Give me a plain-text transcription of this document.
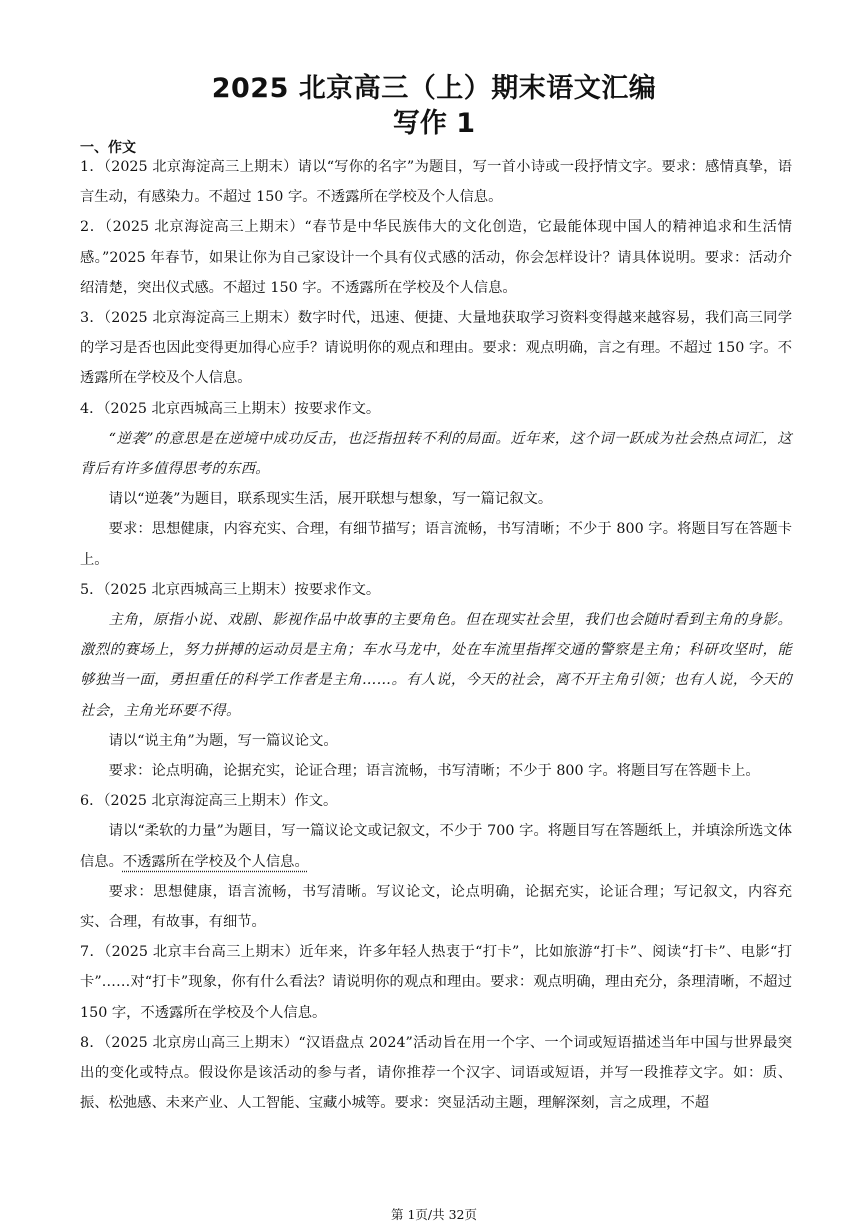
2025 北京高三（上）期末语文汇编
写作 1
一、作文

1．（2025 北京海淀高三上期末）请以“写你的名字”为题目，写一首小诗或一段抒情文字。要求：感情真挚，语言生动，有感染力。不超过 150 字。不透露所在学校及个人信息。

2．（2025 北京海淀高三上期末）“春节是中华民族伟大的文化创造，它最能体现中国人的精神追求和生活情感。”2025 年春节，如果让你为自己家设计一个具有仪式感的活动，你会怎样设计？请具体说明。要求：活动介绍清楚，突出仪式感。不超过 150 字。不透露所在学校及个人信息。

3．（2025 北京海淀高三上期末）数字时代，迅速、便捷、大量地获取学习资料变得越来越容易，我们高三同学的学习是否也因此变得更加得心应手？请说明你的观点和理由。要求：观点明确，言之有理。不超过 150 字。不透露所在学校及个人信息。

4．（2025 北京西城高三上期末）按要求作文。

“逆袭”的意思是在逆境中成功反击，也泛指扭转不利的局面。近年来，这个词一跃成为社会热点词汇，这背后有许多值得思考的东西。

请以“逆袭”为题目，联系现实生活，展开联想与想象，写一篇记叙文。

要求：思想健康，内容充实、合理，有细节描写；语言流畅，书写清晰；不少于 800 字。将题目写在答题卡上。

5．（2025 北京西城高三上期末）按要求作文。

主角，原指小说、戏剧、影视作品中故事的主要角色。但在现实社会里，我们也会随时看到主角的身影。激烈的赛场上，努力拼搏的运动员是主角；车水马龙中，处在车流里指挥交通的警察是主角；科研攻坚时，能够独当一面，勇担重任的科学工作者是主角……。有人说，今天的社会，离不开主角引领；也有人说，今天的社会，主角光环要不得。

请以“说主角”为题，写一篇议论文。

要求：论点明确，论据充实，论证合理；语言流畅，书写清晰；不少于 800 字。将题目写在答题卡上。

6．（2025 北京海淀高三上期末）作文。

请以“柔软的力量”为题目，写一篇议论文或记叙文，不少于 700 字。将题目写在答题纸上，并填涂所选文体信息。不透露所在学校及个人信息。

要求：思想健康，语言流畅，书写清晰。写议论文，论点明确，论据充实，论证合理；写记叙文，内容充实、合理，有故事，有细节。

7．（2025 北京丰台高三上期末）近年来，许多年轻人热衷于“打卡”，比如旅游“打卡”、阅读“打卡”、电影“打卡”……对“打卡”现象，你有什么看法？请说明你的观点和理由。要求：观点明确，理由充分，条理清晰，不超过 150 字，不透露所在学校及个人信息。

8．（2025 北京房山高三上期末）“汉语盘点 2024”活动旨在用一个字、一个词或短语描述当年中国与世界最突出的变化或特点。假设你是该活动的参与者，请你推荐一个汉字、词语或短语，并写一段推荐文字。如：质、振、松弛感、未来产业、人工智能、宝藏小城等。要求：突显活动主题，理解深刻，言之成理，不超

第 1页/共 32页
